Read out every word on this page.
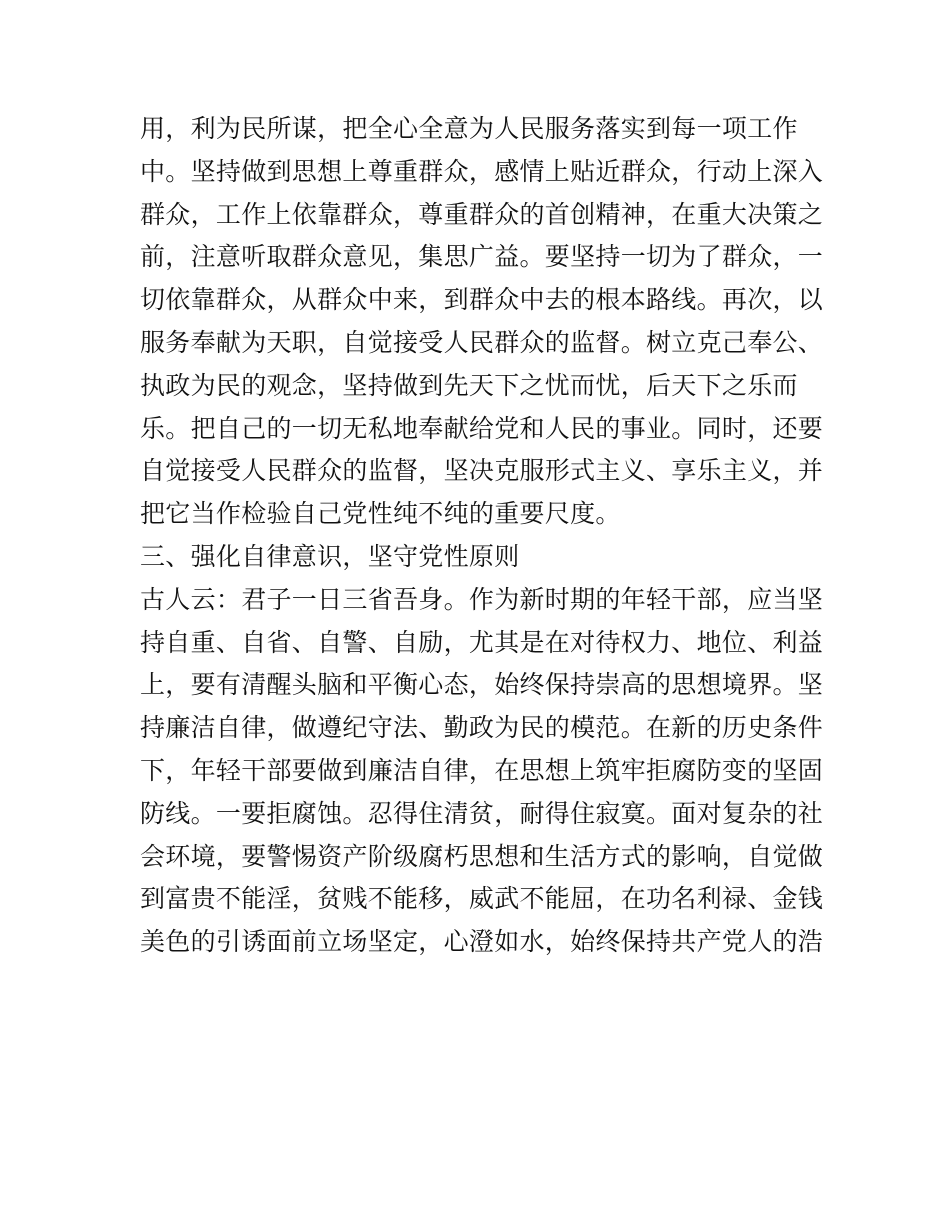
用，利为民所谋，把全心全意为人民服务落实到每一项工作
中。坚持做到思想上尊重群众，感情上贴近群众，行动上深入
群众，工作上依靠群众，尊重群众的首创精神，在重大决策之
前，注意听取群众意见，集思广益。要坚持一切为了群众，一
切依靠群众，从群众中来，到群众中去的根本路线。再次，以
服务奉献为天职，自觉接受人民群众的监督。树立克己奉公、
执政为民的观念，坚持做到先天下之忧而忧，后天下之乐而
乐。把自己的一切无私地奉献给党和人民的事业。同时，还要
自觉接受人民群众的监督，坚决克服形式主义、享乐主义，并
把它当作检验自己党性纯不纯的重要尺度。
三、强化自律意识，坚守党性原则
古人云：君子一日三省吾身。作为新时期的年轻干部，应当坚
持自重、自省、自警、自励，尤其是在对待权力、地位、利益
上，要有清醒头脑和平衡心态，始终保持崇高的思想境界。坚
持廉洁自律，做遵纪守法、勤政为民的模范。在新的历史条件
下，年轻干部要做到廉洁自律，在思想上筑牢拒腐防变的坚固
防线。一要拒腐蚀。忍得住清贫，耐得住寂寞。面对复杂的社
会环境，要警惕资产阶级腐朽思想和生活方式的影响，自觉做
到富贵不能淫，贫贱不能移，威武不能屈，在功名利禄、金钱
美色的引诱面前立场坚定，心澄如水，始终保持共产党人的浩
